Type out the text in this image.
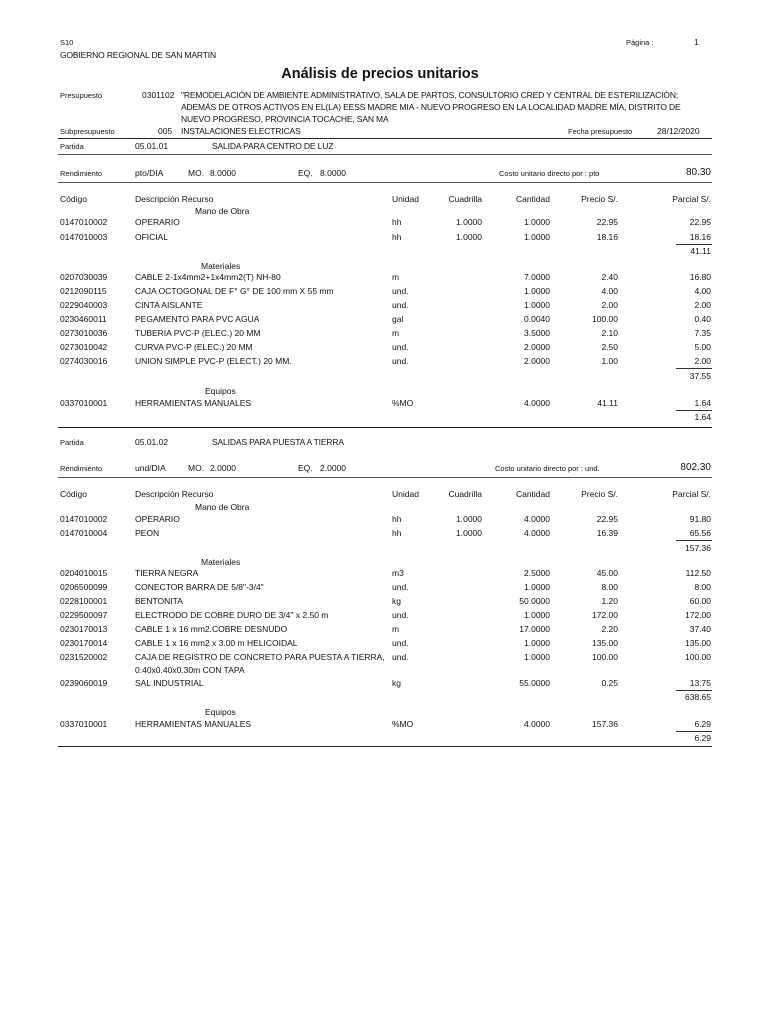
S10
GOBIERNO REGIONAL DE SAN MARTIN
Página :	1
Análisis de precios unitarios
Presupuesto	0301102 "REMODELACIÓN DE AMBIENTE ADMINISTRATIVO, SALA DE PARTOS, CONSULTORIO CRED Y CENTRAL DE ESTERILIZACIÓN;
ADEMÁS DE OTROS ACTIVOS EN EL(LA) EESS MADRE MIA - NUEVO PROGRESO EN LA LOCALIDAD MADRE MÍA, DISTRITO DE
NUEVO PROGRESO, PROVINCIA TOCACHE, SAN MA
Subpresupuesto	005 INSTALACIONES ELECTRICAS	Fecha presupuesto	28/12/2020
Partida	05.01.01	SALIDA PARA CENTRO DE LUZ
Rendimiento	pto/DIA	MO. 8.0000	EQ. 8.0000	Costo unitario directo por : pto	80.30
Código	Descripción Recurso	Unidad	Cuadrilla	Cantidad	Precio S/.	Parcial S/.
Mano de Obra
0147010002	OPERARIO	hh	1.0000	1.0000	22.95	22.95
0147010003	OFICIAL	hh	1.0000	1.0000	18.16	18.16
41.11
Materiales
0207030039	CABLE 2-1x4mm2+1x4mm2(T) NH-80	m	7.0000	2.40	16.80
0212090115	CAJA OCTOGONAL DE F° G° DE 100 mm X 55 mm	und.	1.0000	4.00	4.00
0229040003	CINTA AISLANTE	und.	1.0000	2.00	2.00
0230460011	PEGAMENTO PARA PVC AGUA	gal	0.0040	100.00	0.40
0273010036	TUBERIA PVC-P (ELEC.) 20 MM	m	3.5000	2.10	7.35
0273010042	CURVA PVC-P (ELEC.) 20 MM	und.	2.0000	2.50	5.00
0274030016	UNION SIMPLE PVC-P (ELECT.) 20 MM.	und.	2.0000	1.00	2.00
37.55
Equipos
0337010001	HERRAMIENTAS MANUALES	%MO	4.0000	41.11	1.64
1.64
Partida	05.01.02	SALIDAS PARA PUESTA A TIERRA
Rendimiento	und/DIA	MO. 2.0000	EQ. 2.0000	Costo unitario directo por : und.	802.30
Código	Descripción Recurso	Unidad	Cuadrilla	Cantidad	Precio S/.	Parcial S/.
Mano de Obra
0147010002	OPERARIO	hh	1.0000	4.0000	22.95	91.80
0147010004	PEON	hh	1.0000	4.0000	16.39	65.56
157.36
Materiales
0204010015	TIERRA NEGRA	m3	2.5000	45.00	112.50
0206500099	CONECTOR BARRA DE 5/8"-3/4"	und.	1.0000	8.00	8.00
0228100001	BENTONITA	kg	50.0000	1.20	60.00
0229500097	ELECTRODO DE COBRE DURO DE 3/4" x 2.50 m	und.	1.0000	172.00	172.00
0230170013	CABLE 1 x 16 mm2.COBRE DESNUDO	m	17.0000	2.20	37.40
0230170014	CABLE 1 x 16 mm2 x 3.00 m HELICOIDAL	und.	1.0000	135.00	135.00
0231520002	CAJA DE REGISTRO DE CONCRETO PARA PUESTA A TIERRA, und.	1.0000	100.00	100.00
0.40x0.40x0.30m CON TAPA
0239060019	SAL INDUSTRIAL	kg	55.0000	0.25	13.75
638.65
Equipos
0337010001	HERRAMIENTAS MANUALES	%MO	4.0000	157.36	6.29
6.29
